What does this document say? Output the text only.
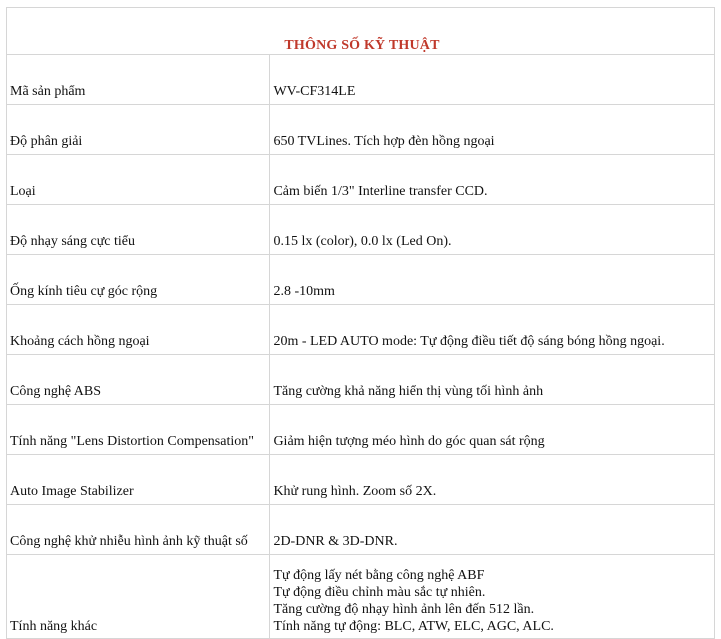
THÔNG SỐ KỸ THUẬT	
Mã sản phẩm	WV-CF314LE
Độ phân giải	650 TVLines. Tích hợp đèn hồng ngoại
Loại	Cảm biến 1/3" Interline transfer CCD.
Độ nhạy sáng cực tiểu	0.15 lx (color), 0.0 lx (Led On).
Ống kính tiêu cự góc rộng	2.8 -10mm
Khoảng cách hồng ngoại	20m - LED AUTO mode: Tự động điều tiết độ sáng bóng hồng ngoại.
Công nghệ ABS	Tăng cường khả năng hiển thị vùng tối hình ảnh
Tính năng "Lens Distortion Compensation"	Giảm hiện tượng méo hình do góc quan sát rộng
Auto Image Stabilizer	Khử rung hình. Zoom số 2X.
Công nghệ khử nhiễu hình ảnh kỹ thuật số	2D-DNR & 3D-DNR.
Tính năng khác	Tự động lấy nét bằng công nghệ ABF
Tự động điều chỉnh màu sắc tự nhiên.
Tăng cường độ nhạy hình ảnh lên đến 512 lần.
Tính năng tự động: BLC, ATW, ELC, AGC, ALC.
